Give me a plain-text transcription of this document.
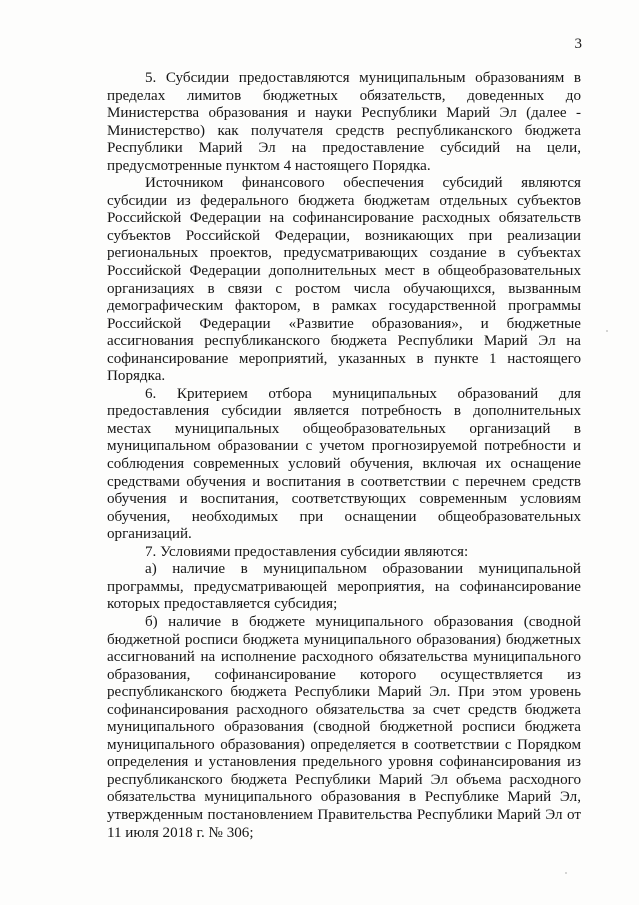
3

5. Субсидии предоставляются муниципальным образованиям в пределах лимитов бюджетных обязательств, доведенных до Министерства образования и науки Республики Марий Эл (далее - Министерство) как получателя средств республиканского бюджета Республики Марий Эл на предоставление субсидий на цели, предусмотренные пунктом 4 настоящего Порядка.

Источником финансового обеспечения субсидий являются субсидии из федерального бюджета бюджетам отдельных субъектов Российской Федерации на софинансирование расходных обязательств субъектов Российской Федерации, возникающих при реализации региональных проектов, предусматривающих создание в субъектах Российской Федерации дополнительных мест в общеобразовательных организациях в связи с ростом числа обучающихся, вызванным демографическим фактором, в рамках государственной программы Российской Федерации «Развитие образования», и бюджетные ассигнования республиканского бюджета Республики Марий Эл на софинансирование мероприятий, указанных в пункте 1 настоящего Порядка.

6. Критерием отбора муниципальных образований для предоставления субсидии является потребность в дополнительных местах муниципальных общеобразовательных организаций в муниципальном образовании с учетом прогнозируемой потребности и соблюдения современных условий обучения, включая их оснащение средствами обучения и воспитания в соответствии с перечнем средств обучения и воспитания, соответствующих современным условиям обучения, необходимых при оснащении общеобразовательных организаций.

7. Условиями предоставления субсидии являются:

а) наличие в муниципальном образовании муниципальной программы, предусматривающей мероприятия, на софинансирование которых предоставляется субсидия;

б) наличие в бюджете муниципального образования (сводной бюджетной росписи бюджета муниципального образования) бюджетных ассигнований на исполнение расходного обязательства муниципального образования, софинансирование которого осуществляется из республиканского бюджета Республики Марий Эл. При этом уровень софинансирования расходного обязательства за счет средств бюджета муниципального образования (сводной бюджетной росписи бюджета муниципального образования) определяется в соответствии с Порядком определения и установления предельного уровня софинансирования из республиканского бюджета Республики Марий Эл объема расходного обязательства муниципального образования в Республике Марий Эл, утвержденным постановлением Правительства Республики Марий Эл от 11 июля 2018 г. № 306;
